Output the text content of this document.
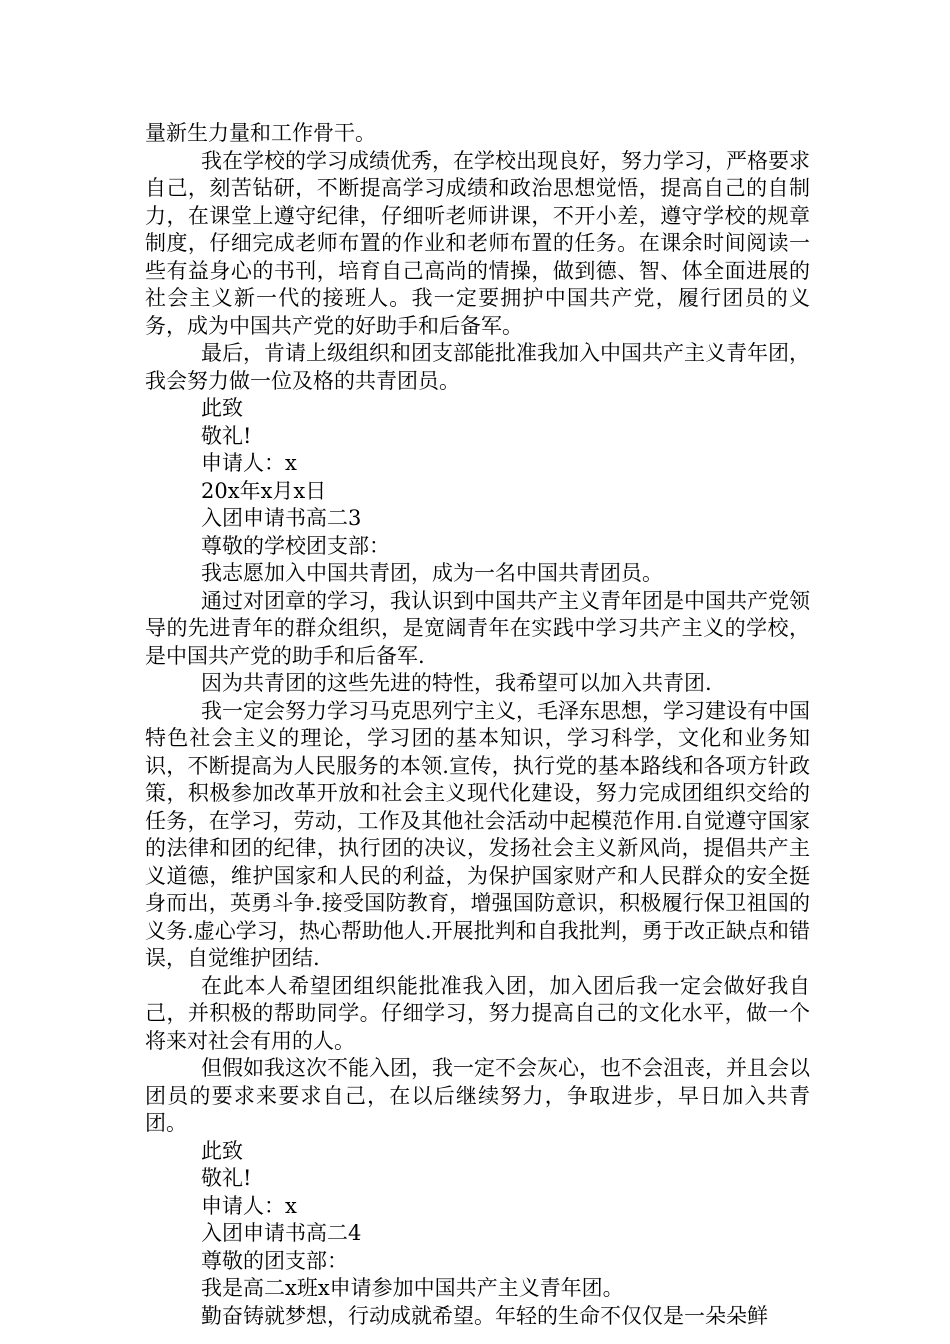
量新生力量和工作骨干。

我在学校的学习成绩优秀，在学校出现良好，努力学习，严格要求自己，刻苦钻研，不断提高学习成绩和政治思想觉悟，提高自己的自制力，在课堂上遵守纪律，仔细听老师讲课，不开小差，遵守学校的规章制度，仔细完成老师布置的作业和老师布置的任务。在课余时间阅读一些有益身心的书刊，培育自己高尚的情操，做到德、智、体全面进展的社会主义新一代的接班人。我一定要拥护中国共产党，履行团员的义务，成为中国共产党的好助手和后备军。

最后，肯请上级组织和团支部能批准我加入中国共产主义青年团，我会努力做一位及格的共青团员。

此致

敬礼!

申请人：x

20x年x月x日

入团申请书高二3

尊敬的学校团支部：

我志愿加入中国共青团，成为一名中国共青团员。

通过对团章的学习，我认识到中国共产主义青年团是中国共产党领导的先进青年的群众组织，是宽阔青年在实践中学习共产主义的学校，是中国共产党的助手和后备军.

因为共青团的这些先进的特性，我希望可以加入共青团.

我一定会努力学习马克思列宁主义，毛泽东思想，学习建设有中国特色社会主义的理论，学习团的基本知识，学习科学，文化和业务知识，不断提高为人民服务的本领.宣传，执行党的基本路线和各项方针政策，积极参加改革开放和社会主义现代化建设，努力完成团组织交给的任务，在学习，劳动，工作及其他社会活动中起模范作用.自觉遵守国家的法律和团的纪律，执行团的决议，发扬社会主义新风尚，提倡共产主义道德，维护国家和人民的利益，为保护国家财产和人民群众的安全挺身而出，英勇斗争.接受国防教育，增强国防意识，积极履行保卫祖国的义务.虚心学习，热心帮助他人.开展批判和自我批判，勇于改正缺点和错误，自觉维护团结.

在此本人希望团组织能批准我入团，加入团后我一定会做好我自己，并积极的帮助同学。仔细学习，努力提高自己的文化水平，做一个将来对社会有用的人。

但假如我这次不能入团，我一定不会灰心，也不会沮丧，并且会以团员的要求来要求自己，在以后继续努力，争取进步，早日加入共青团。

此致

敬礼!

申请人：x

入团申请书高二4

尊敬的团支部：

我是高二x班x申请参加中国共产主义青年团。

勤奋铸就梦想，行动成就希望。年轻的生命不仅仅是一朵朵鲜
